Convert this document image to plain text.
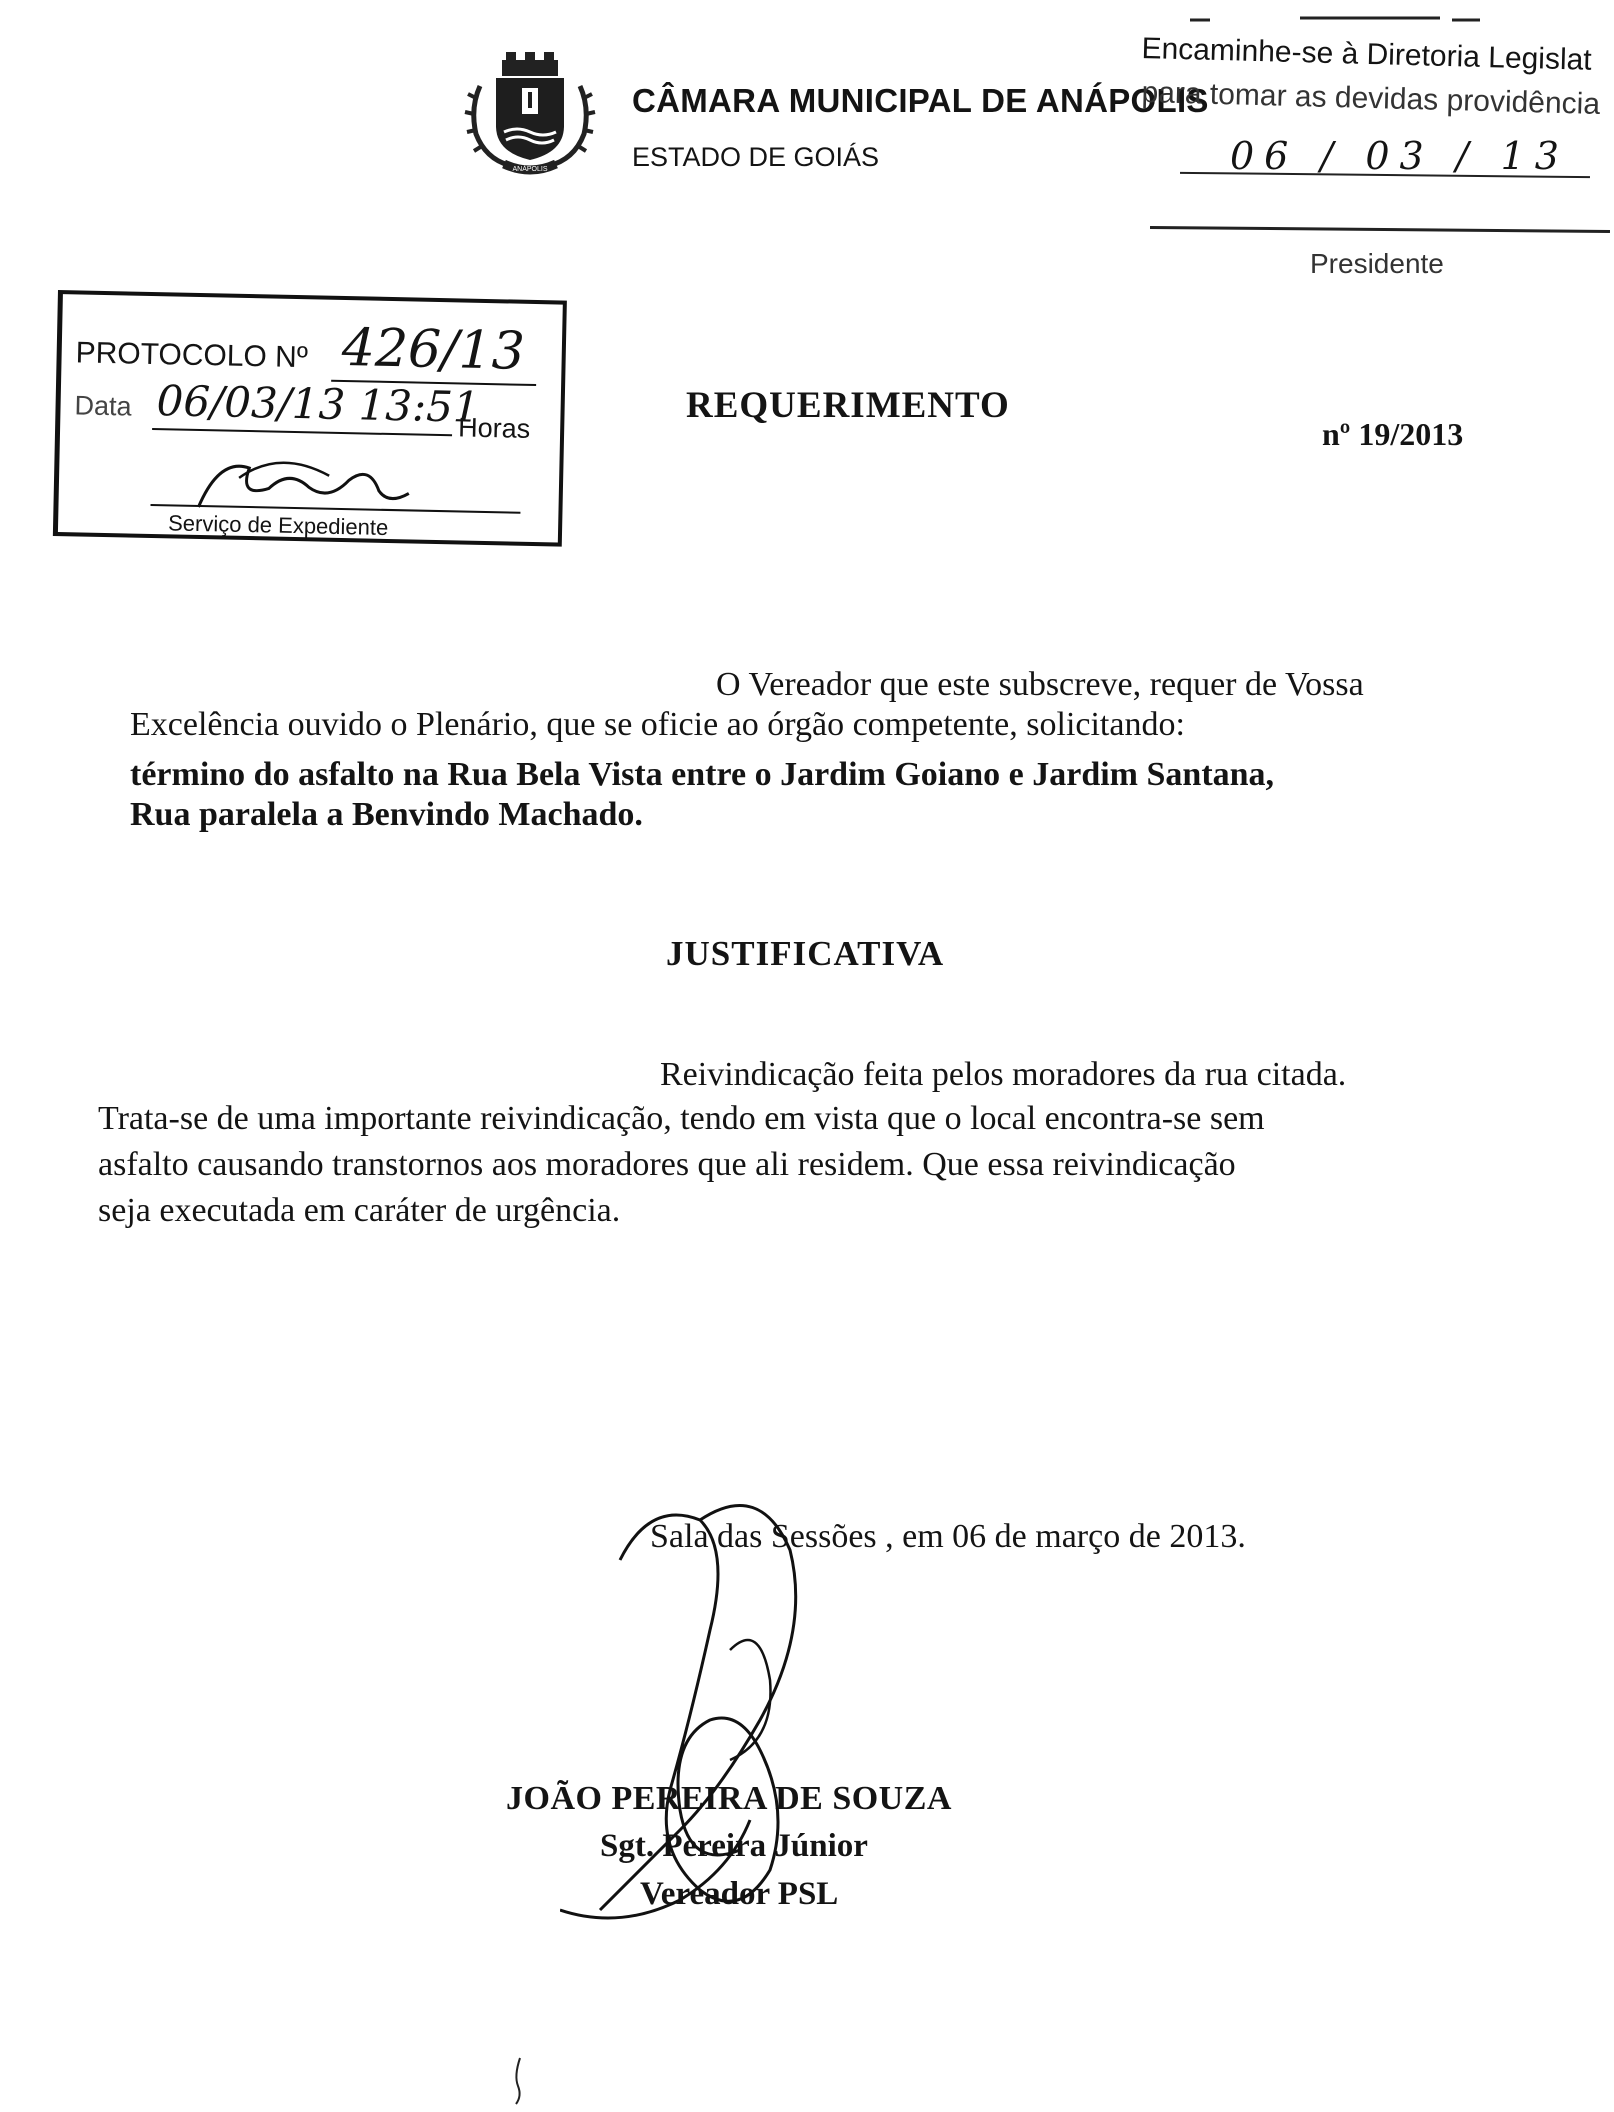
ANÁPOLIS
CÂMARA MUNICIPAL DE ANÁPOLIS
ESTADO DE GOIÁS
Encaminhe-se à Diretoria Legislat
para tomar as devidas providência
06 / 03 / 13
Presidente
PROTOCOLO Nº 426/13
Data 06/03/13 13:51
Horas
Serviço de Expediente
REQUERIMENTO
nº 19/2013
O Vereador que este subscreve, requer de Vossa
Excelência ouvido o Plenário, que se oficie ao órgão competente, solicitando:
término do asfalto na Rua Bela Vista entre o Jardim Goiano e Jardim Santana,
Rua paralela a Benvindo Machado.
JUSTIFICATIVA
Reivindicação feita pelos moradores da rua citada.
Trata-se de uma importante reivindicação, tendo em vista que o local encontra-se sem
asfalto causando transtornos aos moradores que ali residem. Que essa reivindicação
seja executada em caráter de urgência.
Sala das Sessões , em 06 de março de 2013.
JOÃO PEREIRA DE SOUZA
Sgt. Pereira Júnior
Vereador PSL
